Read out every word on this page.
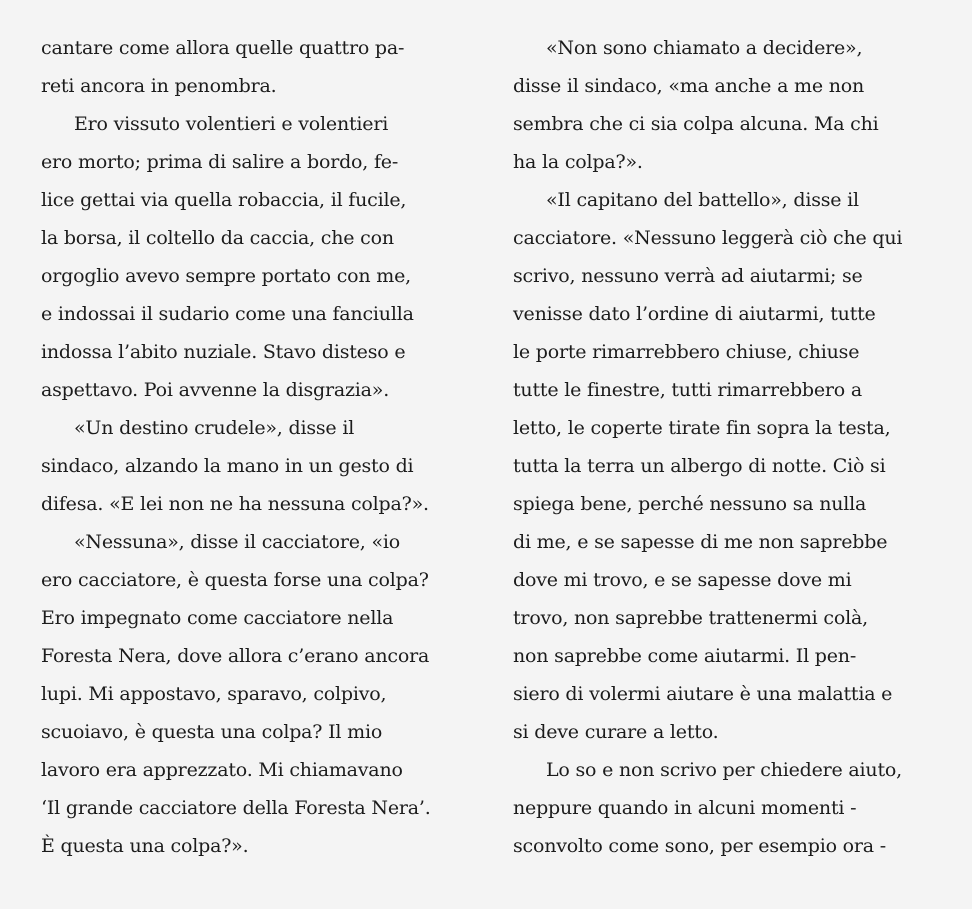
cantare come allora quelle quattro pa-
reti ancora in penombra.
Ero vissuto volentieri e volentieri
ero morto; prima di salire a bordo, fe-
lice gettai via quella robaccia, il fucile,
la borsa, il coltello da caccia, che con
orgoglio avevo sempre portato con me,
e indossai il sudario come una fanciulla
indossa l’abito nuziale. Stavo disteso e
aspettavo. Poi avvenne la disgrazia».
«Un destino crudele», disse il
sindaco, alzando la mano in un gesto di
difesa. «E lei non ne ha nessuna colpa?».
«Nessuna», disse il cacciatore, «io
ero cacciatore, è questa forse una colpa?
Ero impegnato come cacciatore nella
Foresta Nera, dove allora c’erano ancora
lupi. Mi appostavo, sparavo, colpivo,
scuoiavo, è questa una colpa? Il mio
lavoro era apprezzato. Mi chiamavano
‘Il grande cacciatore della Foresta Nera’.
È questa una colpa?».
«Non sono chiamato a decidere»,
disse il sindaco, «ma anche a me non
sembra che ci sia colpa alcuna. Ma chi
ha la colpa?».
«Il capitano del battello», disse il
cacciatore. «Nessuno leggerà ciò che qui
scrivo, nessuno verrà ad aiutarmi; se
venisse dato l’ordine di aiutarmi, tutte
le porte rimarrebbero chiuse, chiuse
tutte le finestre, tutti rimarrebbero a
letto, le coperte tirate fin sopra la testa,
tutta la terra un albergo di notte. Ciò si
spiega bene, perché nessuno sa nulla
di me, e se sapesse di me non saprebbe
dove mi trovo, e se sapesse dove mi
trovo, non saprebbe trattenermi colà,
non saprebbe come aiutarmi. Il pen-
siero di volermi aiutare è una malattia e
si deve curare a letto.
Lo so e non scrivo per chiedere aiuto,
neppure quando in alcuni momenti -
sconvolto come sono, per esempio ora -
